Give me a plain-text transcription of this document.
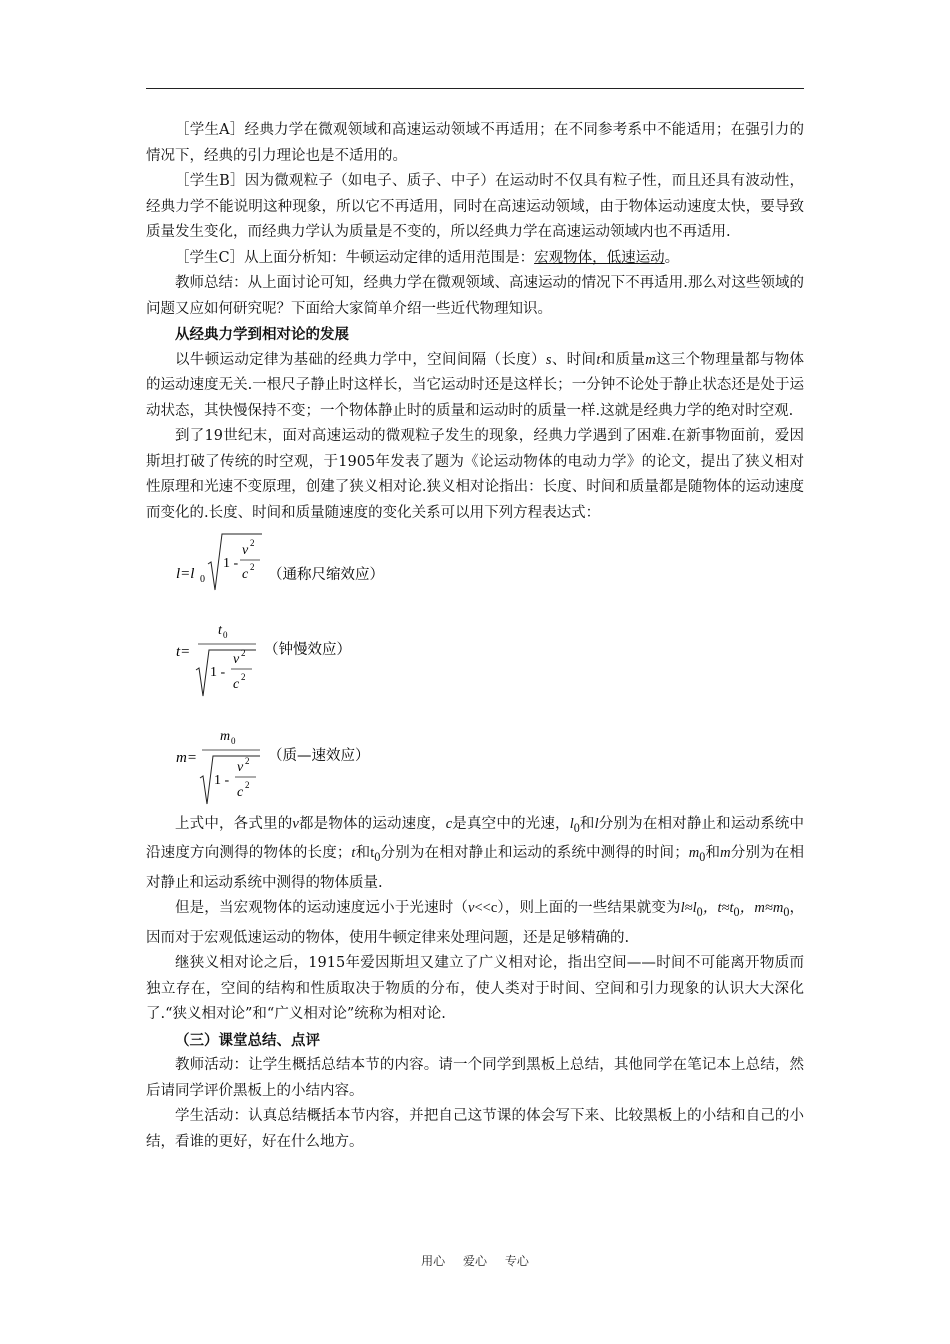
［学生A］经典力学在微观领域和高速运动领域不再适用；在不同参考系中不能适用；在强引力的情况下，经典的引力理论也是不适用的。

［学生B］因为微观粒子（如电子、质子、中子）在运动时不仅具有粒子性，而且还具有波动性，经典力学不能说明这种现象，所以它不再适用，同时在高速运动领域，由于物体运动速度太快，要导致质量发生变化，而经典力学认为质量是不变的，所以经典力学在高速运动领域内也不再适用.

［学生C］从上面分析知：牛顿运动定律的适用范围是：宏观物体，低速运动。

教师总结：从上面讨论可知，经典力学在微观领域、高速运动的情况下不再适用.那么对这些领域的问题又应如何研究呢？下面给大家简单介绍一些近代物理知识。

从经典力学到相对论的发展

以牛顿运动定律为基础的经典力学中，空间间隔（长度）s、时间t和质量m这三个物理量都与物体的运动速度无关.一根尺子静止时这样长，当它运动时还是这样长；一分钟不论处于静止状态还是处于运动状态，其快慢保持不变；一个物体静止时的质量和运动时的质量一样.这就是经典力学的绝对时空观.

到了19世纪末，面对高速运动的微观粒子发生的现象，经典力学遇到了困难.在新事物面前，爱因斯坦打破了传统的时空观，于1905年发表了题为《论运动物体的电动力学》的论文，提出了狭义相对性原理和光速不变原理，创建了狭义相对论.狭义相对论指出：长度、时间和质量都是随物体的运动速度而变化的.长度、时间和质量随速度的变化关系可以用下列方程表达式：

l=l 0
1 -
v 2
c 2 （通称尺缩效应）
t=
t 0
1 -
v 2
c 2
（钟慢效应）
m=
m 0
1 -
v 2
c 2
（质—速效应）

上式中，各式里的v都是物体的运动速度，c是真空中的光速，$l_0$和l分别为在相对静止和运动系统中沿速度方向测得的物体的长度；t和$t_0$分别为在相对静止和运动的系统中测得的时间；$m_0$和m分别为在相对静止和运动系统中测得的物体质量.

但是，当宏观物体的运动速度远小于光速时（v<<c），则上面的一些结果就变为$l\approx l_0$，$t\approx t_0$，$m\approx m_0$，因而对于宏观低速运动的物体，使用牛顿定律来处理问题，还是足够精确的.

继狭义相对论之后，1915年爱因斯坦又建立了广义相对论，指出空间——时间不可能离开物质而独立存在，空间的结构和性质取决于物质的分布，使人类对于时间、空间和引力现象的认识大大深化了.“狭义相对论”和“广义相对论”统称为相对论.

（三）课堂总结、点评

教师活动：让学生概括总结本节的内容。请一个同学到黑板上总结，其他同学在笔记本上总结，然后请同学评价黑板上的小结内容。

学生活动：认真总结概括本节内容，并把自己这节课的体会写下来、比较黑板上的小结和自己的小结，看谁的更好，好在什么地方。

用心 爱心 专心
